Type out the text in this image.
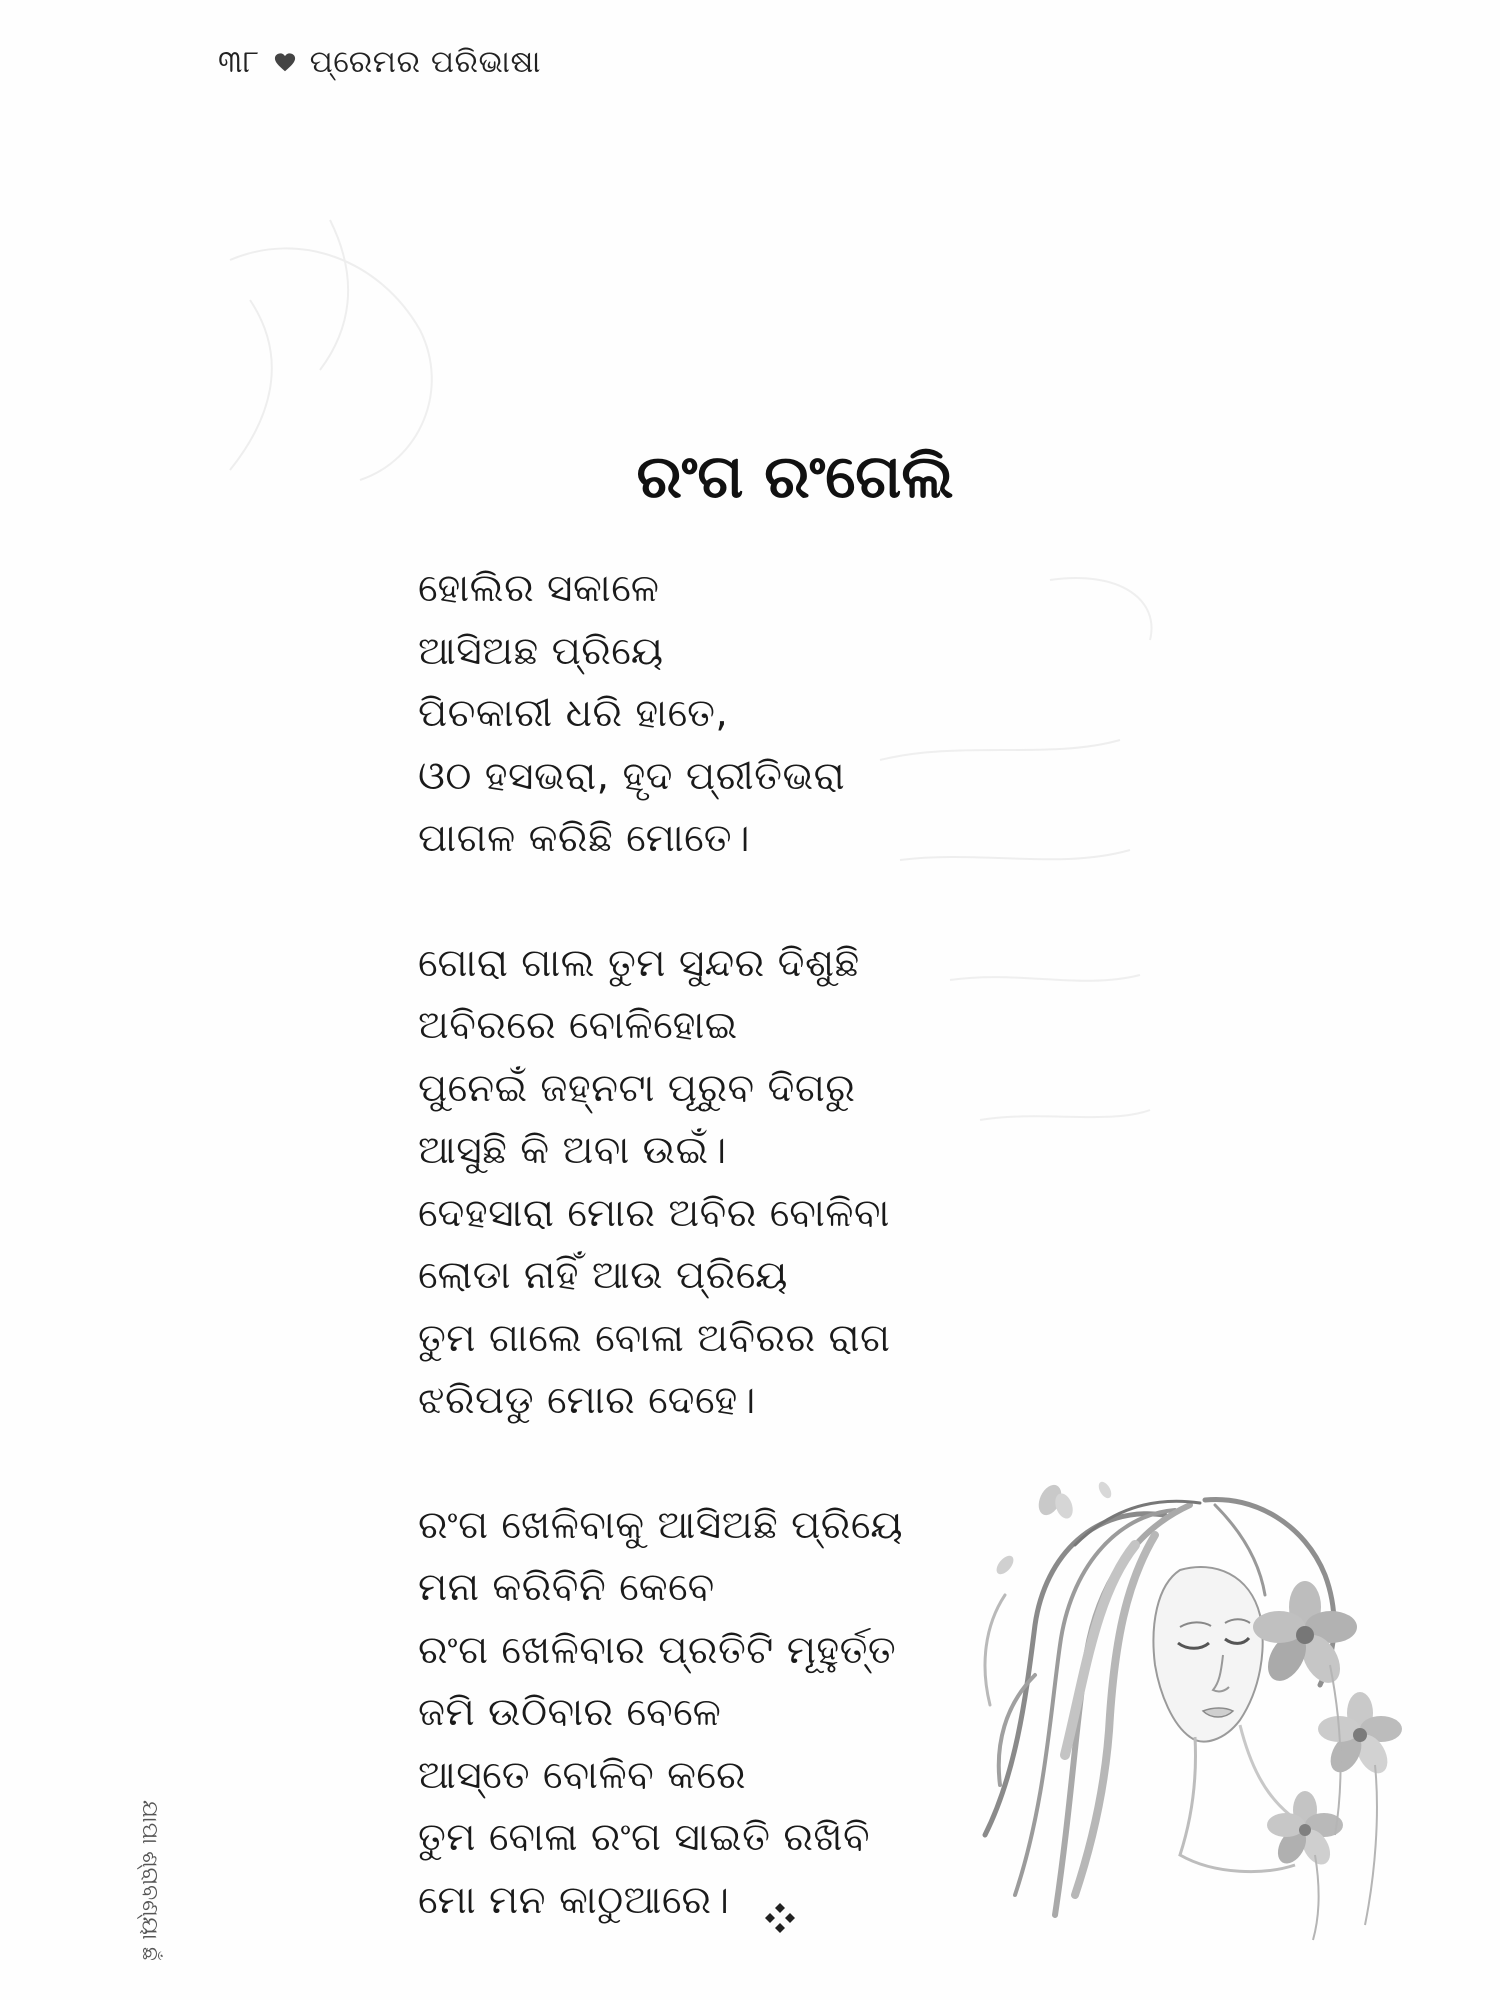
୩୮ ପ୍ରେମର ପରିଭାଷା
ରଂଗ ରଂଗେଲି

ହୋଲିର ସକାଳେ
ଆସିଅଛ ପ୍ରିୟେ
ପିଚକାରୀ ଧରି ହାତେ,
ଓଠ ହସଭରା, ହୃଦ ପ୍ରୀତିଭରା
ପାଗଳ କରିଛି ମୋତେ।

ଗୋରା ଗାଲ ତୁମ ସୁନ୍ଦର ଦିଶୁଛି
ଅବିରରେ ବୋଳିହୋଇ
ପୁନେଇଁ ଜହ୍ନଟା ପୂରୁବ ଦିଗରୁ
ଆସୁଛି କି ଅବା ଉଇଁ।
ଦେହସାରା ମୋର ଅବିର ବୋଳିବା
ଲୋଡା ନାହିଁ ଆଉ ପ୍ରିୟେ
ତୁମ ଗାଲେ ବୋଳା ଅବିରର ରାଗ
ଝରିପଡୁ ମୋର ଦେହେ।

ରଂଗ ଖେଳିବାକୁ ଆସିଅଛି ପ୍ରିୟେ
ମନା କରିବିନି କେବେ
ରଂଗ ଖେଳିବାର ପ୍ରତିଟି ମୂହୁର୍ତ୍ତ
ଜମି ଉଠିବାର ବେଳେ
ଆସ୍ତେ ବୋଳିବ କରେ
ତୁମ ବୋଳା ରଂଗ ସାଇତି ରଖିବି
ମୋ ମନ କାଠୁଆରେ।

ଯାପା ଶ୍ରାବଣ୍ୟା ଛଁ
